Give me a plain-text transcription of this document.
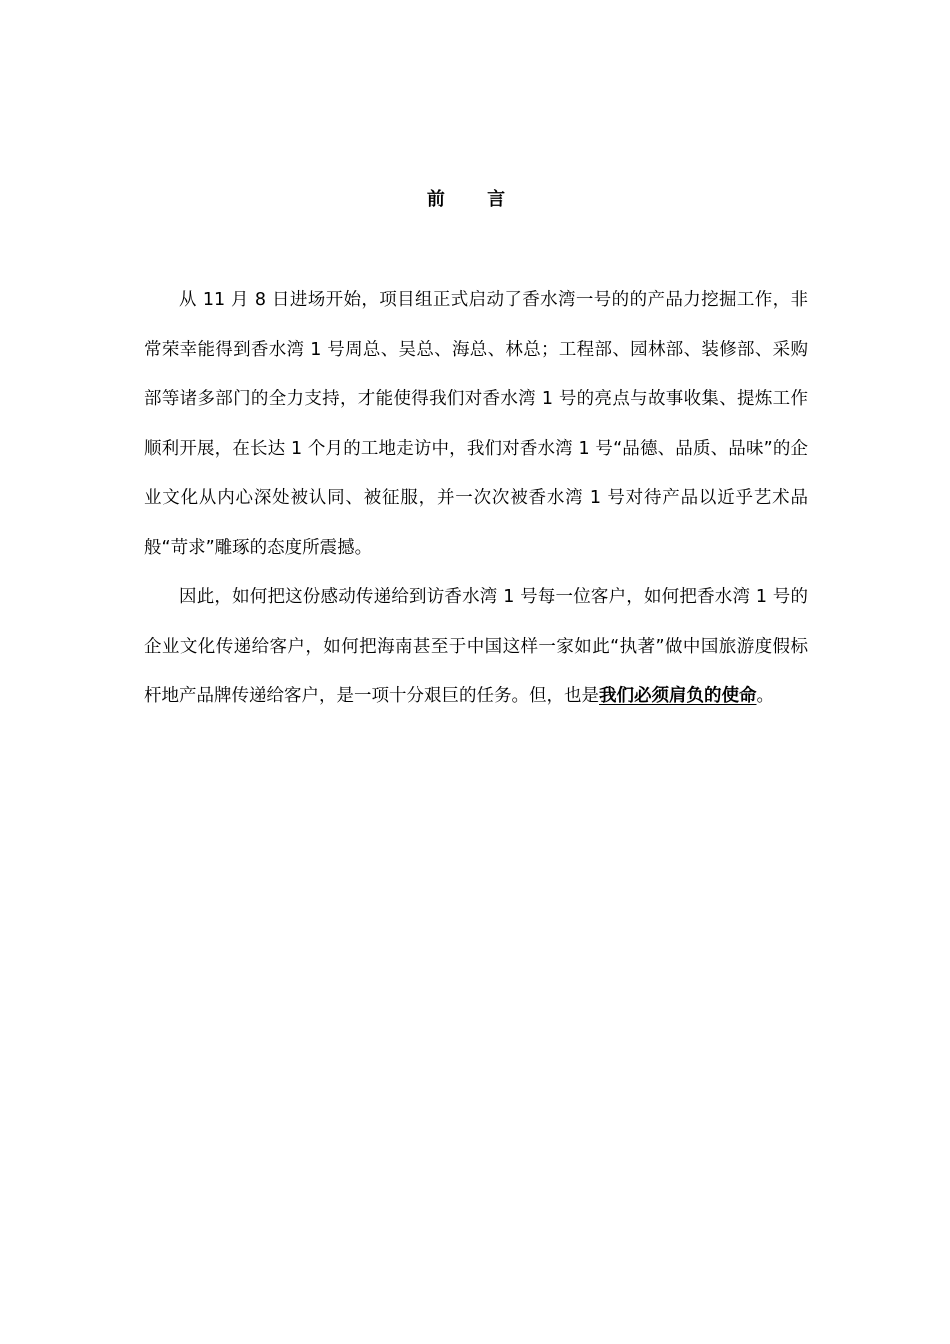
前 言

从 11 月 8 日进场开始，项目组正式启动了香水湾一号的的产品力挖掘工作，非常荣幸能得到香水湾 1 号周总、吴总、海总、林总；工程部、园林部、装修部、采购部等诸多部门的全力支持，才能使得我们对香水湾 1 号的亮点与故事收集、提炼工作顺利开展，在长达 1 个月的工地走访中，我们对香水湾 1 号“品德、品质、品味”的企业文化从内心深处被认同、被征服，并一次次被香水湾 1 号对待产品以近乎艺术品般“苛求”雕琢的态度所震撼。

因此，如何把这份感动传递给到访香水湾 1 号每一位客户，如何把香水湾 1 号的企业文化传递给客户，如何把海南甚至于中国这样一家如此“执著”做中国旅游度假标杆地产品牌传递给客户，是一项十分艰巨的任务。但，也是我们必须肩负的使命。
